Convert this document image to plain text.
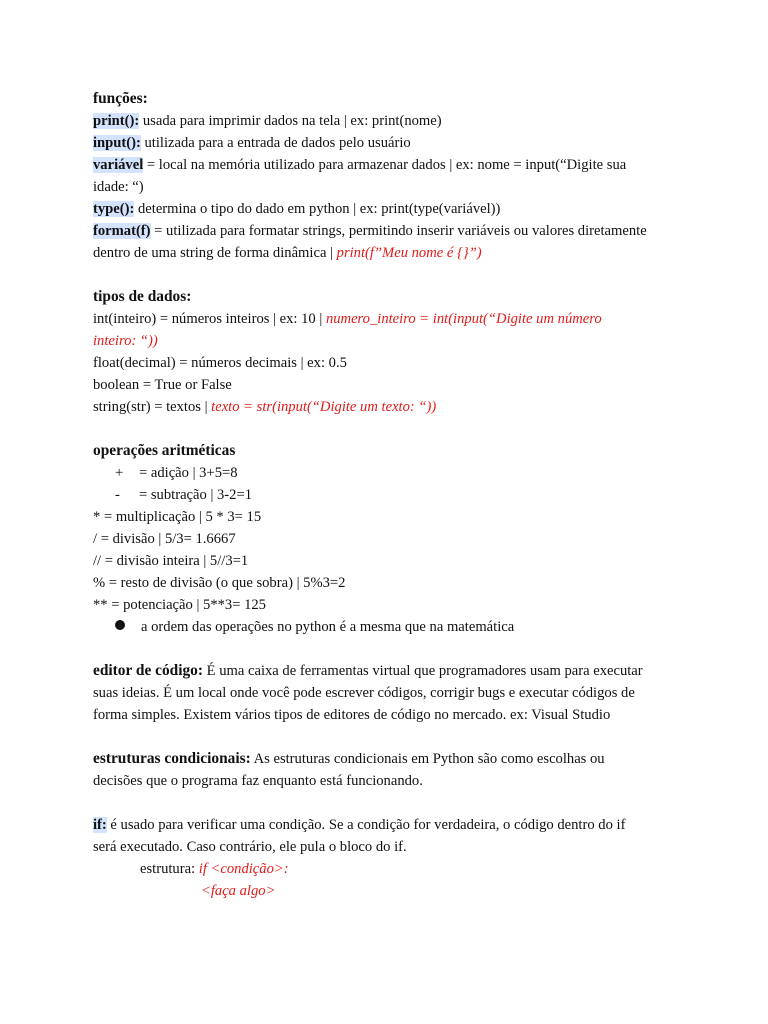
funções:
print(): usada para imprimir dados na tela | ex: print(nome)
input(): utilizada para a entrada de dados pelo usuário
variável = local na memória utilizado para armazenar dados | ex: nome = input(“Digite sua
idade: “)
type(): determina o tipo do dado em python | ex: print(type(variável))
format(f) = utilizada para formatar strings, permitindo inserir variáveis ou valores diretamente
dentro de uma string de forma dinâmica | print(f”Meu nome é {}”)
tipos de dados:
int(inteiro) = números inteiros | ex: 10 | numero_inteiro = int(input(“Digite um número
inteiro: “))
float(decimal) = números decimais | ex: 0.5
boolean = True or False
string(str) = textos | texto = str(input(“Digite um texto: “))
operações aritméticas
+ = adição | 3+5=8
- = subtração | 3-2=1
* = multiplicação | 5 * 3= 15
/ = divisão | 5/3= 1.6667
// = divisão inteira | 5//3=1
% = resto de divisão (o que sobra) | 5%3=2
** = potenciação | 5**3= 125
a ordem das operações no python é a mesma que na matemática
editor de código: É uma caixa de ferramentas virtual que programadores usam para executar
suas ideias. É um local onde você pode escrever códigos, corrigir bugs e executar códigos de
forma simples. Existem vários tipos de editores de código no mercado. ex: Visual Studio
estruturas condicionais: As estruturas condicionais em Python são como escolhas ou
decisões que o programa faz enquanto está funcionando.
if: é usado para verificar uma condição. Se a condição for verdadeira, o código dentro do if
será executado. Caso contrário, ele pula o bloco do if.
estrutura: if <condição>:
<faça algo>
